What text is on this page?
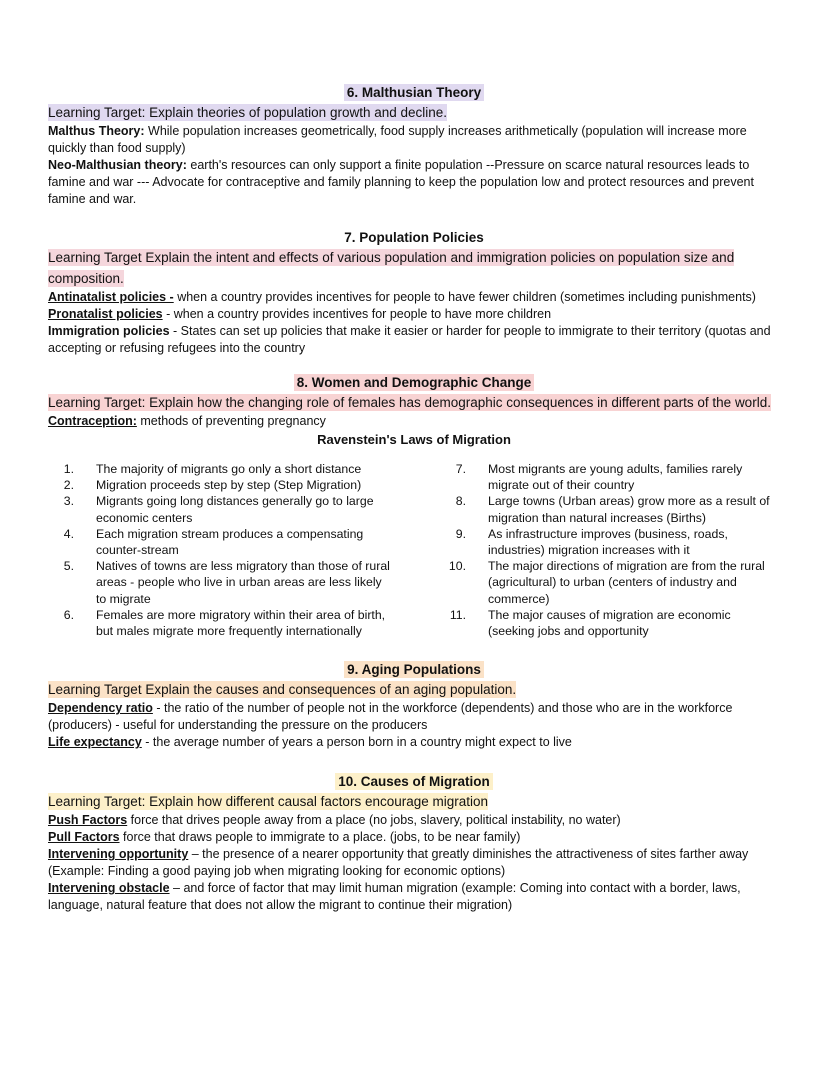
6. Malthusian Theory

Learning Target: Explain theories of population growth and decline.

Malthus Theory: While population increases geometrically, food supply increases arithmetically (population will increase more quickly than food supply)

Neo-Malthusian theory: earth's resources can only support a finite population --Pressure on scarce natural resources leads to famine and war --- Advocate for contraceptive and family planning to keep the population low and protect resources and prevent famine and war.

7. Population Policies

Learning Target Explain the intent and effects of various population and immigration policies on population size and composition.

Antinatalist policies - when a country provides incentives for people to have fewer children (sometimes including punishments)

Pronatalist policies - when a country provides incentives for people to have more children

Immigration policies - States can set up policies that make it easier or harder for people to immigrate to their territory (quotas and accepting or refusing refugees into the country

8. Women and Demographic Change

Learning Target: Explain how the changing role of females has demographic consequences in different parts of the world.

Contraception: methods of preventing pregnancy

Ravenstein's Laws of Migration
1.	The majority of migrants go only a short distance
2.	Migration proceeds step by step (Step Migration)
3.	Migrants going long distances generally go to large economic centers
4.	Each migration stream produces a compensating counter-stream
5.	Natives of towns are less migratory than those of rural areas - people who live in urban areas are less likely to migrate
6.	Females are more migratory within their area of birth, but males migrate more frequently internationally
7.	Most migrants are young adults, families rarely migrate out of their country
8.	Large towns (Urban areas) grow more as a result of migration than natural increases (Births)
9.	As infrastructure improves (business, roads, industries) migration increases with it
10.	The major directions of migration are from the rural (agricultural) to urban (centers of industry and commerce)
11.	The major causes of migration are economic (seeking jobs and opportunity
9. Aging Populations

Learning Target Explain the causes and consequences of an aging population.

Dependency ratio - the ratio of the number of people not in the workforce (dependents) and those who are in the workforce (producers) - useful for understanding the pressure on the producers

Life expectancy - the average number of years a person born in a country might expect to live

10. Causes of Migration

Learning Target: Explain how different causal factors encourage migration

Push Factors force that drives people away from a place (no jobs, slavery, political instability, no water)

Pull Factors force that draws people to immigrate to a place. (jobs, to be near family)

Intervening opportunity – the presence of a nearer opportunity that greatly diminishes the attractiveness of sites farther away (Example: Finding a good paying job when migrating looking for economic options)

Intervening obstacle – and force of factor that may limit human migration (example: Coming into contact with a border, laws, language, natural feature that does not allow the migrant to continue their migration)
